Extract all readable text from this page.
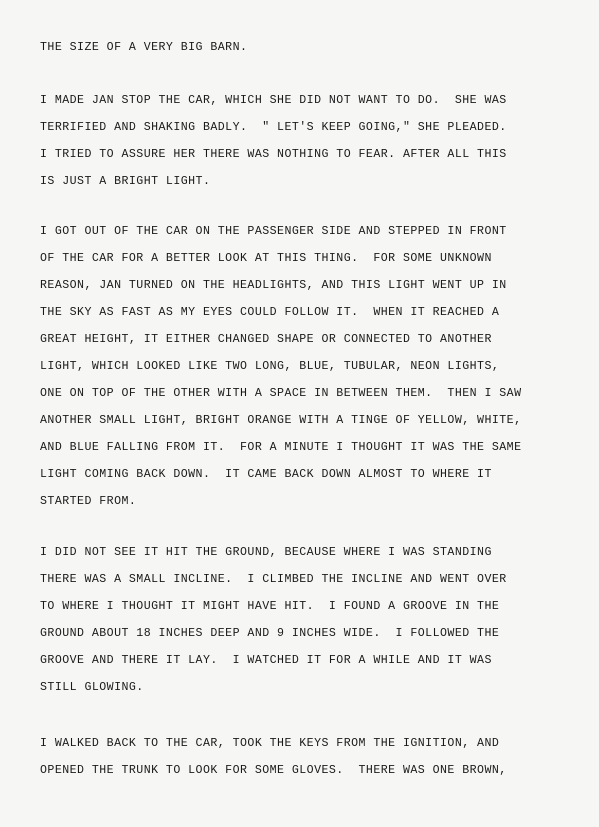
THE SIZE OF A VERY BIG BARN.
I MADE JAN STOP THE CAR, WHICH SHE DID NOT WANT TO DO.  SHE WAS
TERRIFIED AND SHAKING BADLY.  " LET'S KEEP GOING," SHE PLEADED.
I TRIED TO ASSURE HER THERE WAS NOTHING TO FEAR. AFTER ALL THIS
IS JUST A BRIGHT LIGHT.
I GOT OUT OF THE CAR ON THE PASSENGER SIDE AND STEPPED IN FRONT
OF THE CAR FOR A BETTER LOOK AT THIS THING.  FOR SOME UNKNOWN
REASON, JAN TURNED ON THE HEADLIGHTS, AND THIS LIGHT WENT UP IN
THE SKY AS FAST AS MY EYES COULD FOLLOW IT.  WHEN IT REACHED A
GREAT HEIGHT, IT EITHER CHANGED SHAPE OR CONNECTED TO ANOTHER
LIGHT, WHICH LOOKED LIKE TWO LONG, BLUE, TUBULAR, NEON LIGHTS,
ONE ON TOP OF THE OTHER WITH A SPACE IN BETWEEN THEM.  THEN I SAW
ANOTHER SMALL LIGHT, BRIGHT ORANGE WITH A TINGE OF YELLOW, WHITE,
AND BLUE FALLING FROM IT.  FOR A MINUTE I THOUGHT IT WAS THE SAME
LIGHT COMING BACK DOWN.  IT CAME BACK DOWN ALMOST TO WHERE IT
STARTED FROM.
I DID NOT SEE IT HIT THE GROUND, BECAUSE WHERE I WAS STANDING
THERE WAS A SMALL INCLINE.  I CLIMBED THE INCLINE AND WENT OVER
TO WHERE I THOUGHT IT MIGHT HAVE HIT.  I FOUND A GROOVE IN THE
GROUND ABOUT 18 INCHES DEEP AND 9 INCHES WIDE.  I FOLLOWED THE
GROOVE AND THERE IT LAY.  I WATCHED IT FOR A WHILE AND IT WAS
STILL GLOWING.
I WALKED BACK TO THE CAR, TOOK THE KEYS FROM THE IGNITION, AND
OPENED THE TRUNK TO LOOK FOR SOME GLOVES.  THERE WAS ONE BROWN,
